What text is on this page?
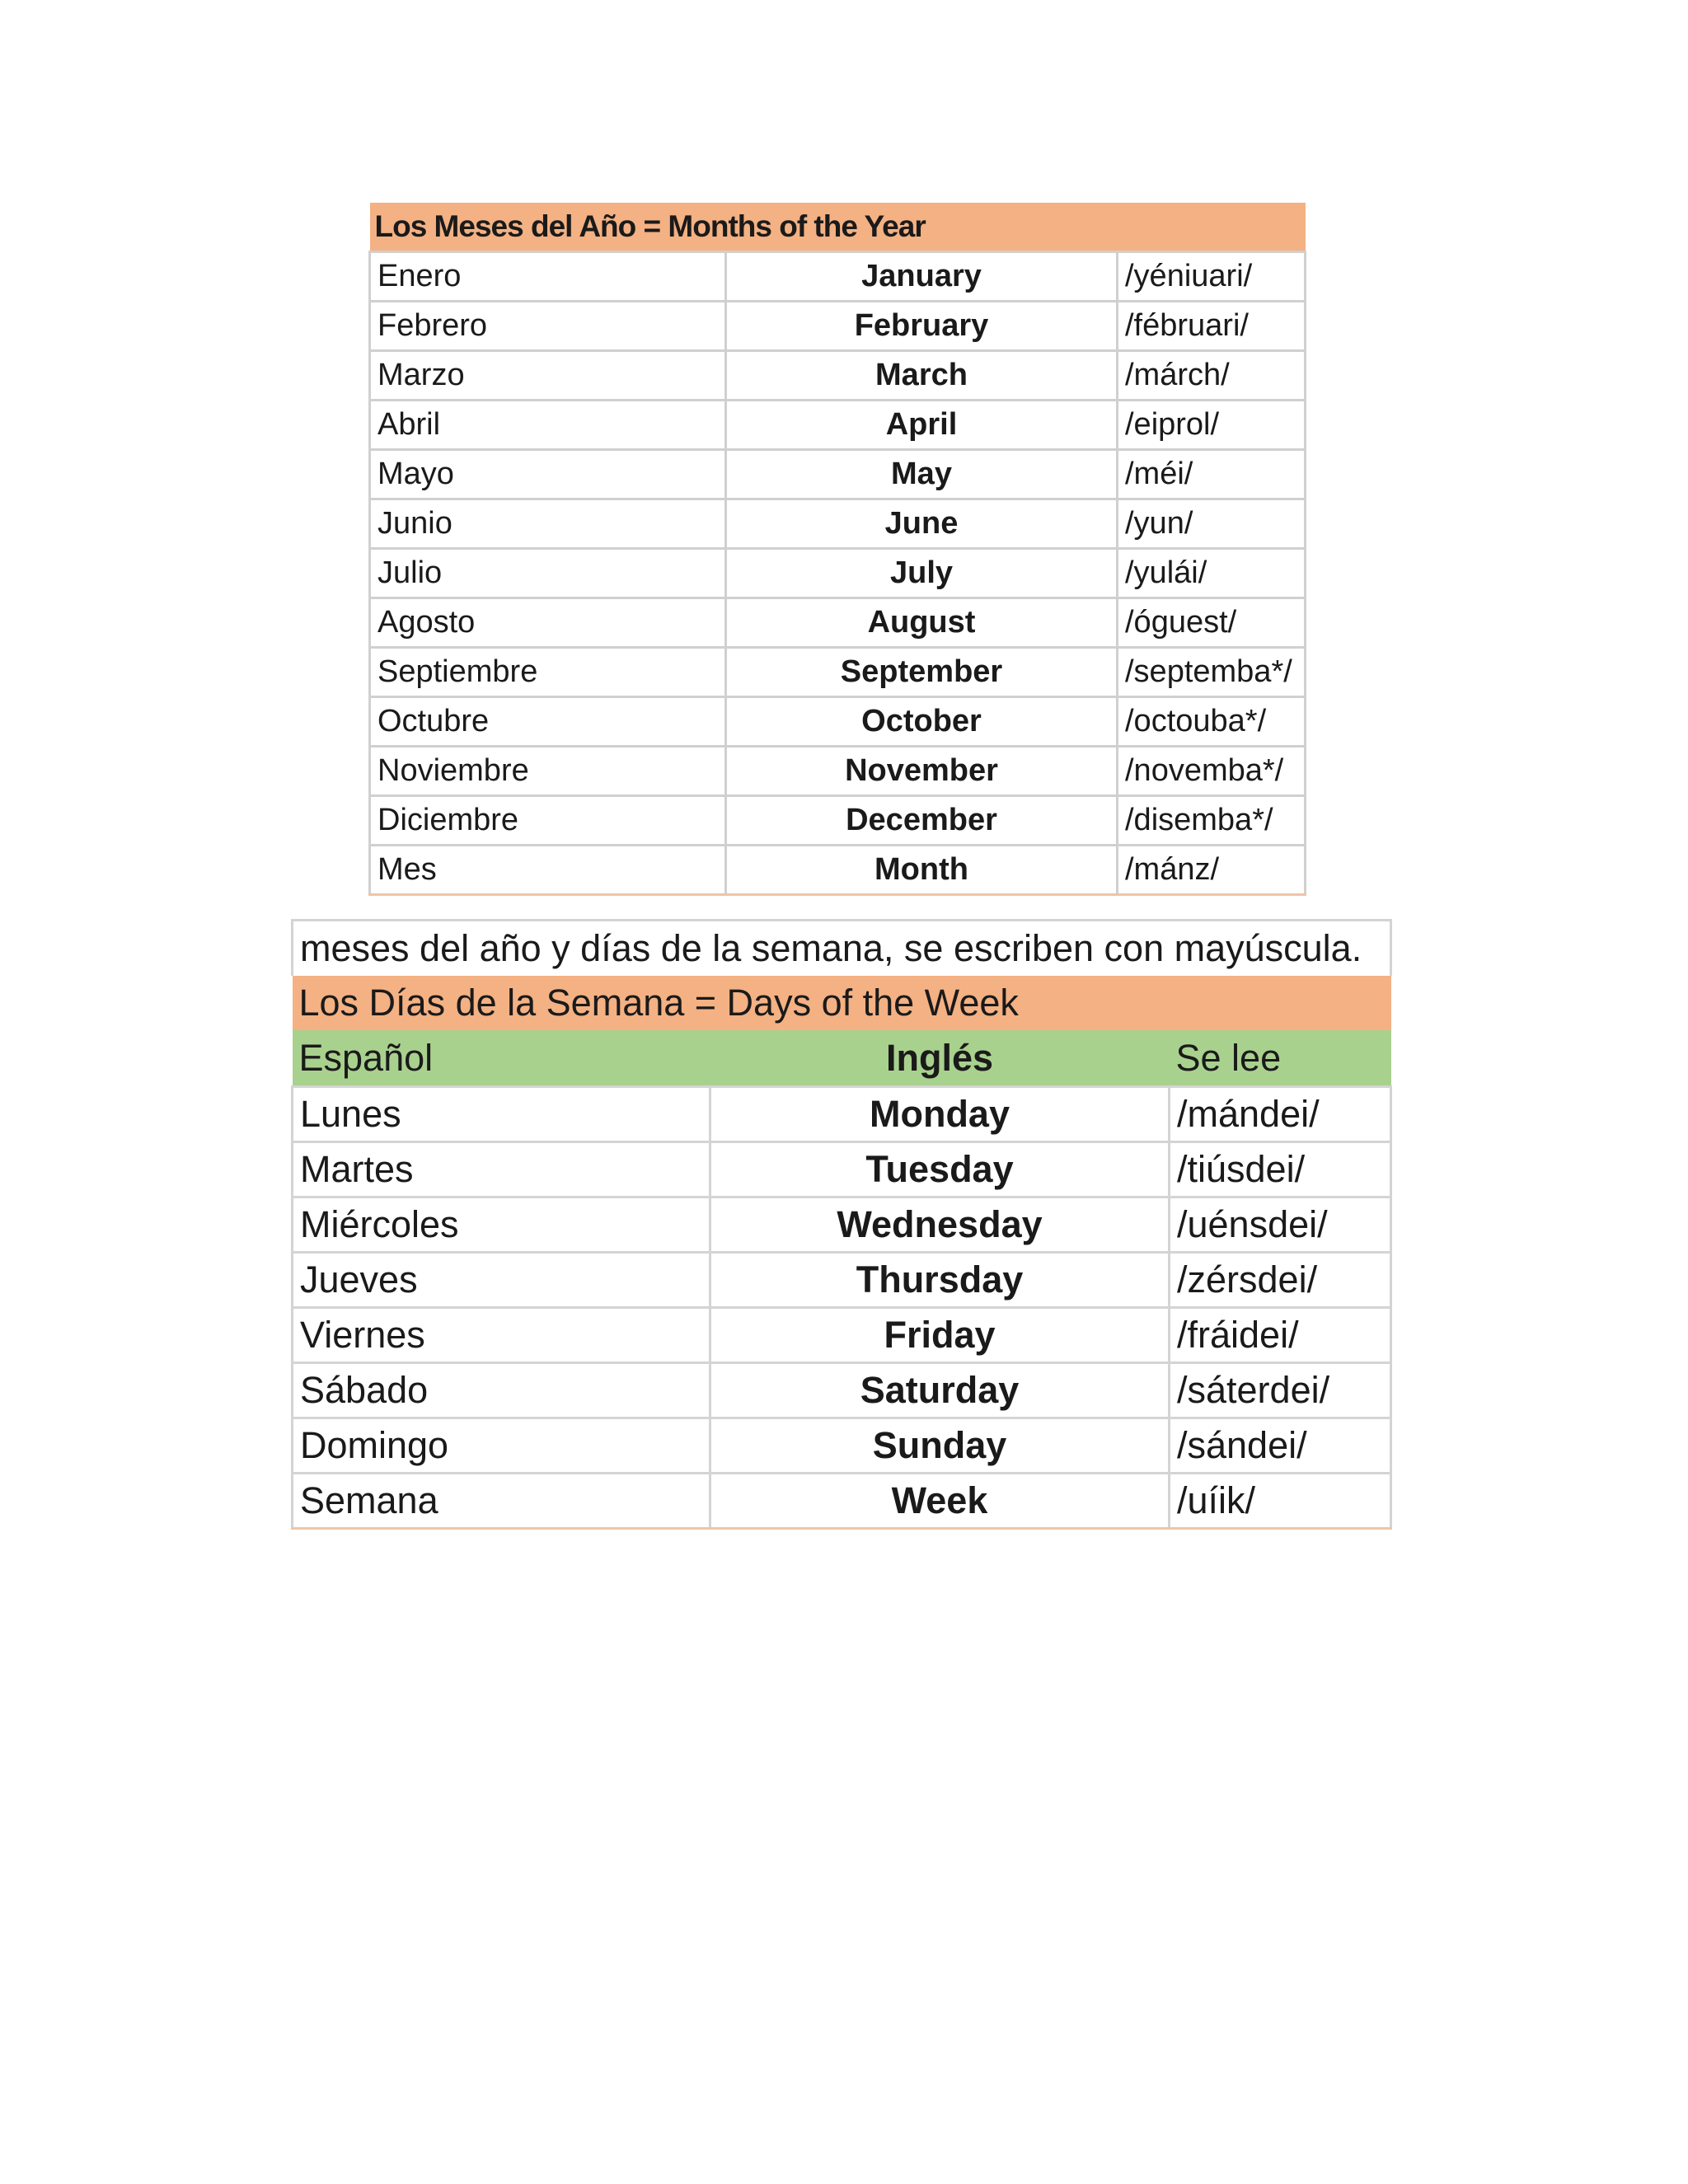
Los Meses del Año = Months of the Year		
Enero	January	/yéniuari/
Febrero	February	/fébruari/
Marzo	March	/márch/
Abril	April	/eiprol/
Mayo	May	/méi/
Junio	June	/yun/
Julio	July	/yulái/
Agosto	August	/óguest/
Septiembre	September	/septemba*/
Octubre	October	/octouba*/
Noviembre	November	/novemba*/
Diciembre	December	/disemba*/
Mes	Month	/mánz/
meses del año y días de la semana, se escriben con mayúscula.		
Los Días de la Semana = Days of the Week		
Español	Inglés	Se lee
Lunes	Monday	/mándei/
Martes	Tuesday	/tiúsdei/
Miércoles	Wednesday	/uénsdei/
Jueves	Thursday	/zérsdei/
Viernes	Friday	/fráidei/
Sábado	Saturday	/sáterdei/
Domingo	Sunday	/sándei/
Semana	Week	/uíik/
